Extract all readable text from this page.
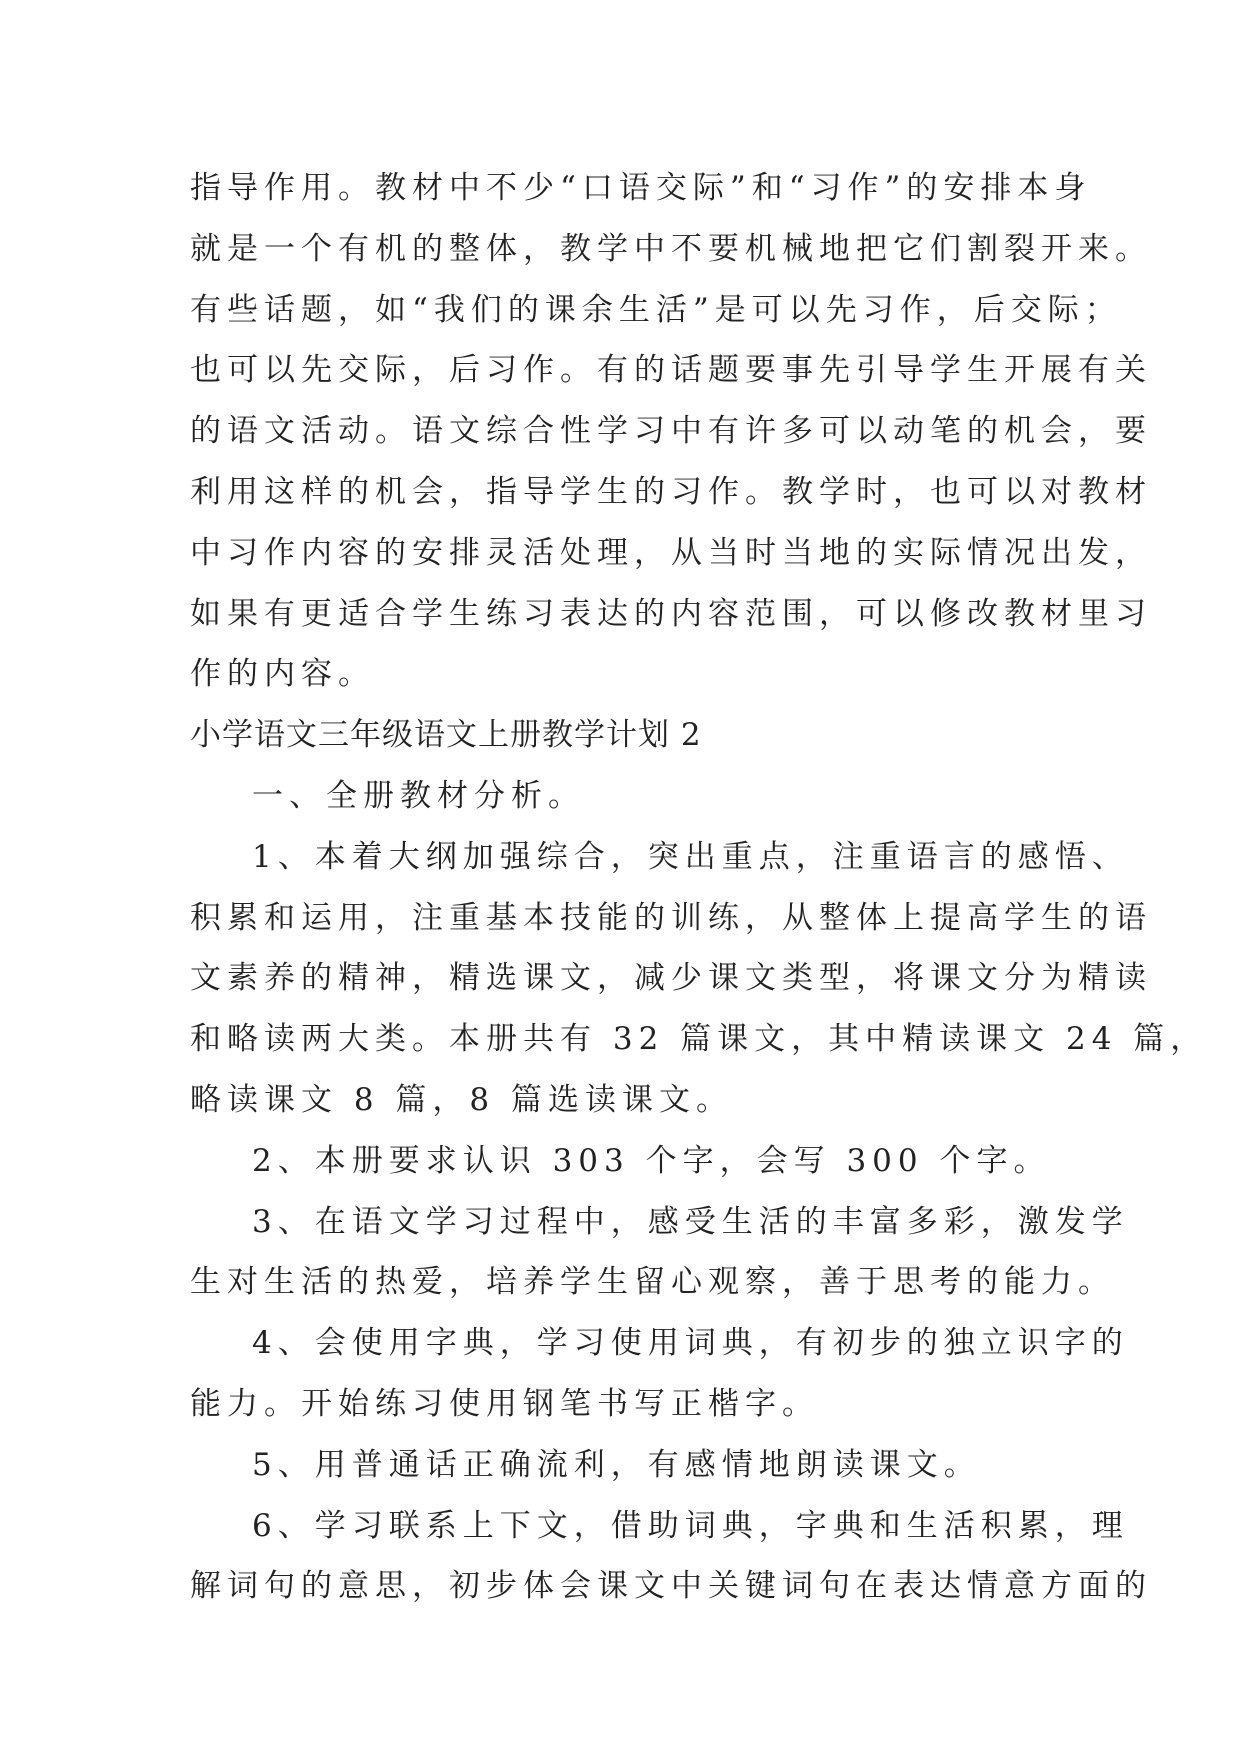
指导作用。教材中不少“口语交际”和“习作”的安排本身
就是一个有机的整体，教学中不要机械地把它们割裂开来。
有些话题，如“我们的课余生活”是可以先习作，后交际；
也可以先交际，后习作。有的话题要事先引导学生开展有关
的语文活动。语文综合性学习中有许多可以动笔的机会，要
利用这样的机会，指导学生的习作。教学时，也可以对教材
中习作内容的安排灵活处理，从当时当地的实际情况出发，
如果有更适合学生练习表达的内容范围，可以修改教材里习
作的内容。
小学语文三年级语文上册教学计划 2
一、全册教材分析。
1、本着大纲加强综合，突出重点，注重语言的感悟、
积累和运用，注重基本技能的训练，从整体上提高学生的语
文素养的精神，精选课文，减少课文类型，将课文分为精读
和略读两大类。本册共有 32 篇课文，其中精读课文 24 篇，
略读课文 8 篇，8 篇选读课文。
2、本册要求认识 303 个字，会写 300 个字。
3、在语文学习过程中，感受生活的丰富多彩，激发学
生对生活的热爱，培养学生留心观察，善于思考的能力。
4、会使用字典，学习使用词典，有初步的独立识字的
能力。开始练习使用钢笔书写正楷字。
5、用普通话正确流利，有感情地朗读课文。
6、学习联系上下文，借助词典，字典和生活积累，理
解词句的意思，初步体会课文中关键词句在表达情意方面的
